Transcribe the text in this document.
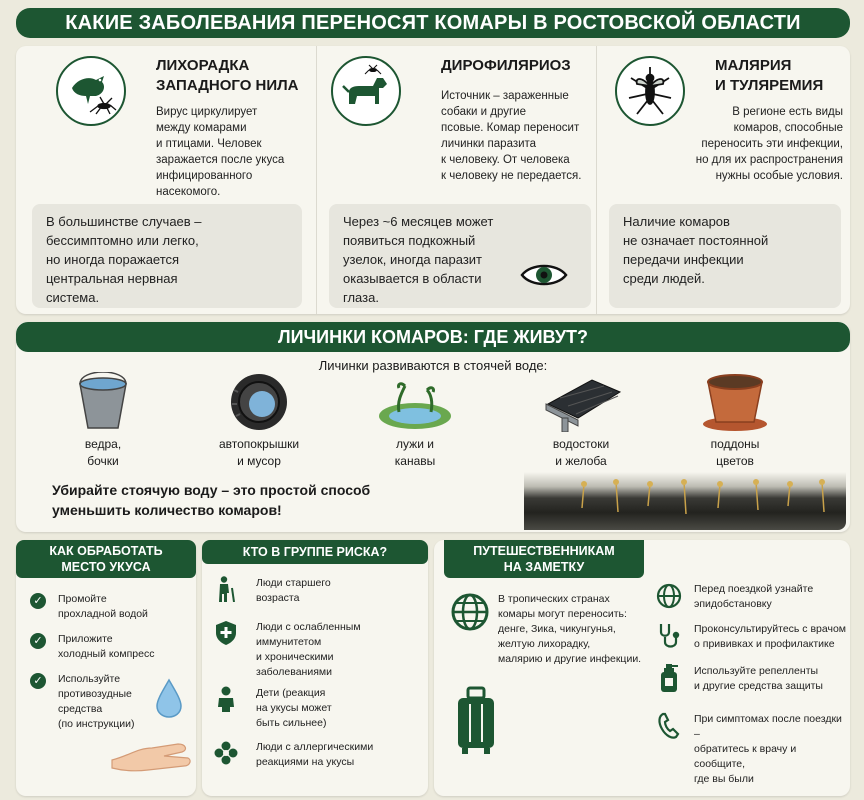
КАКИЕ ЗАБОЛЕВАНИЯ ПЕРЕНОСЯТ КОМАРЫ В РОСТОВСКОЙ ОБЛАСТИ
ЛИХОРАДКА
ЗАПАДНОГО НИЛА
Вирус циркулирует
между комарами
и птицами. Человек
заражается после укуса
инфицированного
насекомого.
В большинстве случаев –
бессимптомно или легко,
но иногда поражается
центральная нервная
система.
ДИРОФИЛЯРИОЗ
Источник – зараженные
собаки и другие
псовые. Комар переносит
личинки паразита
к человеку. От человека
к человеку не передается.
Через ~6 месяцев может
появиться подкожный
узелок, иногда паразит
оказывается в области
глаза.
МАЛЯРИЯ
И ТУЛЯРЕМИЯ
В регионе есть виды
комаров, способные
переносить эти инфекции,
но для их распространения
нужны особые условия.
Наличие комаров
не означает постоянной
передачи инфекции
среди людей.
ЛИЧИНКИ КОМАРОВ: ГДЕ ЖИВУТ?
Личинки развиваются в стоячей воде:
ведра,
бочки
автопокрышки
и мусор
лужи и
канавы
водостоки
и желоба
поддоны
цветов
Убирайте стоячую воду – это простой способ
уменьшить количество комаров!
КАК ОБРАБОТАТЬ
МЕСТО УКУСА
✓	Промойте
прохладной водой
✓	Приложите
холодный компресс
✓	Используйте
противозудные
средства
(по инструкции)
КТО В ГРУППЕ РИСКА?
Люди старшего
возраста
Люди с ослабленным
иммунитетом
и хроническими
заболеваниями
Дети (реакция
на укусы может
быть сильнее)
Люди с аллергическими
реакциями на укусы
ПУТЕШЕСТВЕННИКАМ
НА ЗАМЕТКУ
В тропических странах
комары могут переносить:
денге, Зика, чикунгунья,
желтую лихорадку,
малярию и другие инфекции.
Перед поездкой узнайте
эпидобстановку
Проконсультируйтесь с врачом
о прививках и профилактике
Используйте репелленты
и другие средства защиты
При симптомах после поездки –
обратитесь к врачу и сообщите,
где вы были
